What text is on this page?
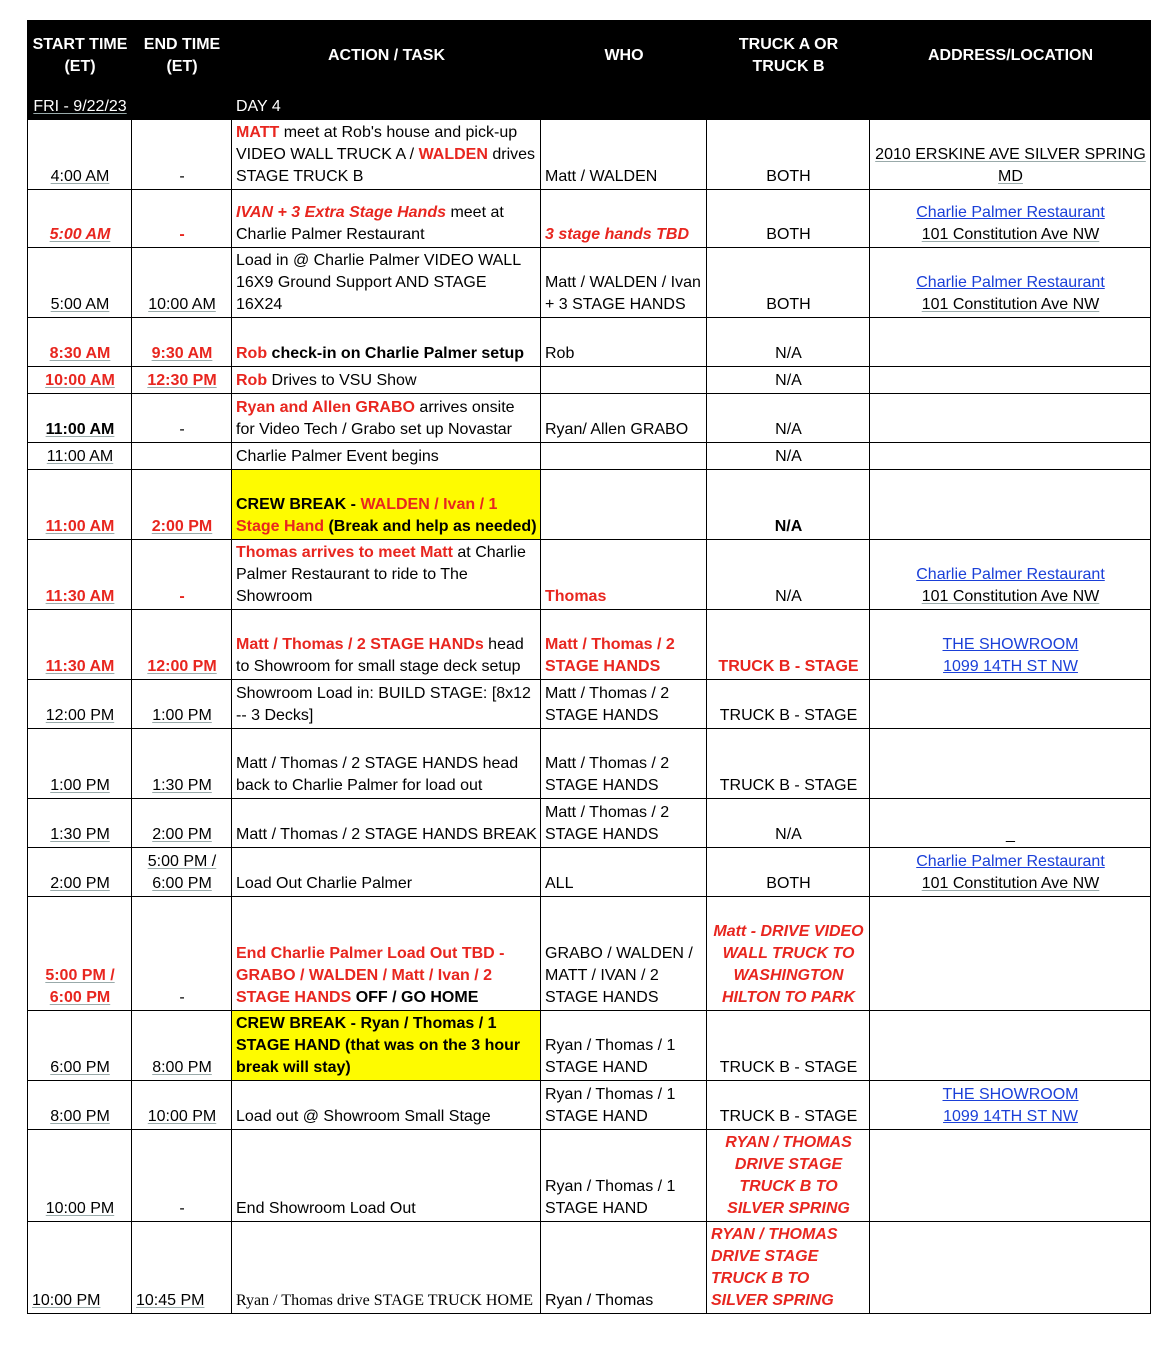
START TIME (ET)	END TIME (ET)	ACTION / TASK	WHO	TRUCK A OR TRUCK B	ADDRESS/LOCATION
FRI - 9/22/23		DAY 4			
4:00 AM	-	MATT meet at Rob's house and pick-up VIDEO WALL TRUCK A / WALDEN drives STAGE TRUCK B	Matt / WALDEN	BOTH	2010 ERSKINE AVE SILVER SPRING MD

5:00 AM	-	IVAN + 3 Extra Stage Hands meet at Charlie Palmer Restaurant	3 stage hands TBD	BOTH	Charlie Palmer Restaurant
101 Constitution Ave NW

5:00 AM	10:00 AM	Load in @ Charlie Palmer VIDEO WALL 16X9 Ground Support AND STAGE 16X24	Matt / WALDEN / Ivan + 3 STAGE HANDS	BOTH	Charlie Palmer Restaurant
101 Constitution Ave NW

8:30 AM	9:30 AM	Rob check-in on Charlie Palmer setup	Rob	N/A	
10:00 AM	12:30 PM	Rob Drives to VSU Show		N/A	
11:00 AM	-	Ryan and Allen GRABO arrives onsite for Video Tech / Grabo set up Novastar	Ryan/ Allen GRABO	N/A	
11:00 AM		Charlie Palmer Event begins		N/A	
11:00 AM	2:00 PM	CREW BREAK - WALDEN / Ivan / 1 Stage Hand (Break and help as needed)		N/A	
11:30 AM	-	Thomas arrives to meet Matt at Charlie Palmer Restaurant to ride to The Showroom	Thomas	N/A	Charlie Palmer Restaurant
101 Constitution Ave NW

11:30 AM	12:00 PM	Matt / Thomas / 2 STAGE HANDs head to Showroom for small stage deck setup	Matt / Thomas / 2 STAGE HANDS	TRUCK B - STAGE	THE SHOWROOM
1099 14TH ST NW

12:00 PM	1:00 PM	Showroom Load in: BUILD STAGE: [8x12 -- 3 Decks]	Matt / Thomas / 2 STAGE HANDS	TRUCK B - STAGE	
1:00 PM	1:30 PM	Matt / Thomas / 2 STAGE HANDS head back to Charlie Palmer for load out	Matt / Thomas / 2 STAGE HANDS	TRUCK B - STAGE	
1:30 PM	2:00 PM	Matt / Thomas / 2 STAGE HANDS BREAK	Matt / Thomas / 2 STAGE HANDS	N/A	_

2:00 PM	5:00 PM / 6:00 PM	Load Out Charlie Palmer	ALL	BOTH	Charlie Palmer Restaurant
101 Constitution Ave NW

5:00 PM / 6:00 PM	-	End Charlie Palmer Load Out TBD - GRABO / WALDEN / Matt / Ivan / 2 STAGE HANDS OFF / GO HOME	GRABO / WALDEN / MATT / IVAN / 2 STAGE HANDS	Matt - DRIVE VIDEO WALL TRUCK TO WASHINGTON HILTON TO PARK	
6:00 PM	8:00 PM	CREW BREAK - Ryan / Thomas / 1 STAGE HAND (that was on the 3 hour break will stay)	Ryan / Thomas / 1 STAGE HAND	TRUCK B - STAGE	
8:00 PM	10:00 PM	Load out @ Showroom Small Stage	Ryan / Thomas / 1 STAGE HAND	TRUCK B - STAGE	THE SHOWROOM
1099 14TH ST NW

10:00 PM	-	End Showroom Load Out	Ryan / Thomas / 1 STAGE HAND	RYAN / THOMAS DRIVE STAGE TRUCK B TO SILVER SPRING	
10:00 PM	10:45 PM	Ryan / Thomas drive STAGE TRUCK HOME	Ryan / Thomas	RYAN / THOMAS DRIVE STAGE TRUCK B TO SILVER SPRING	
